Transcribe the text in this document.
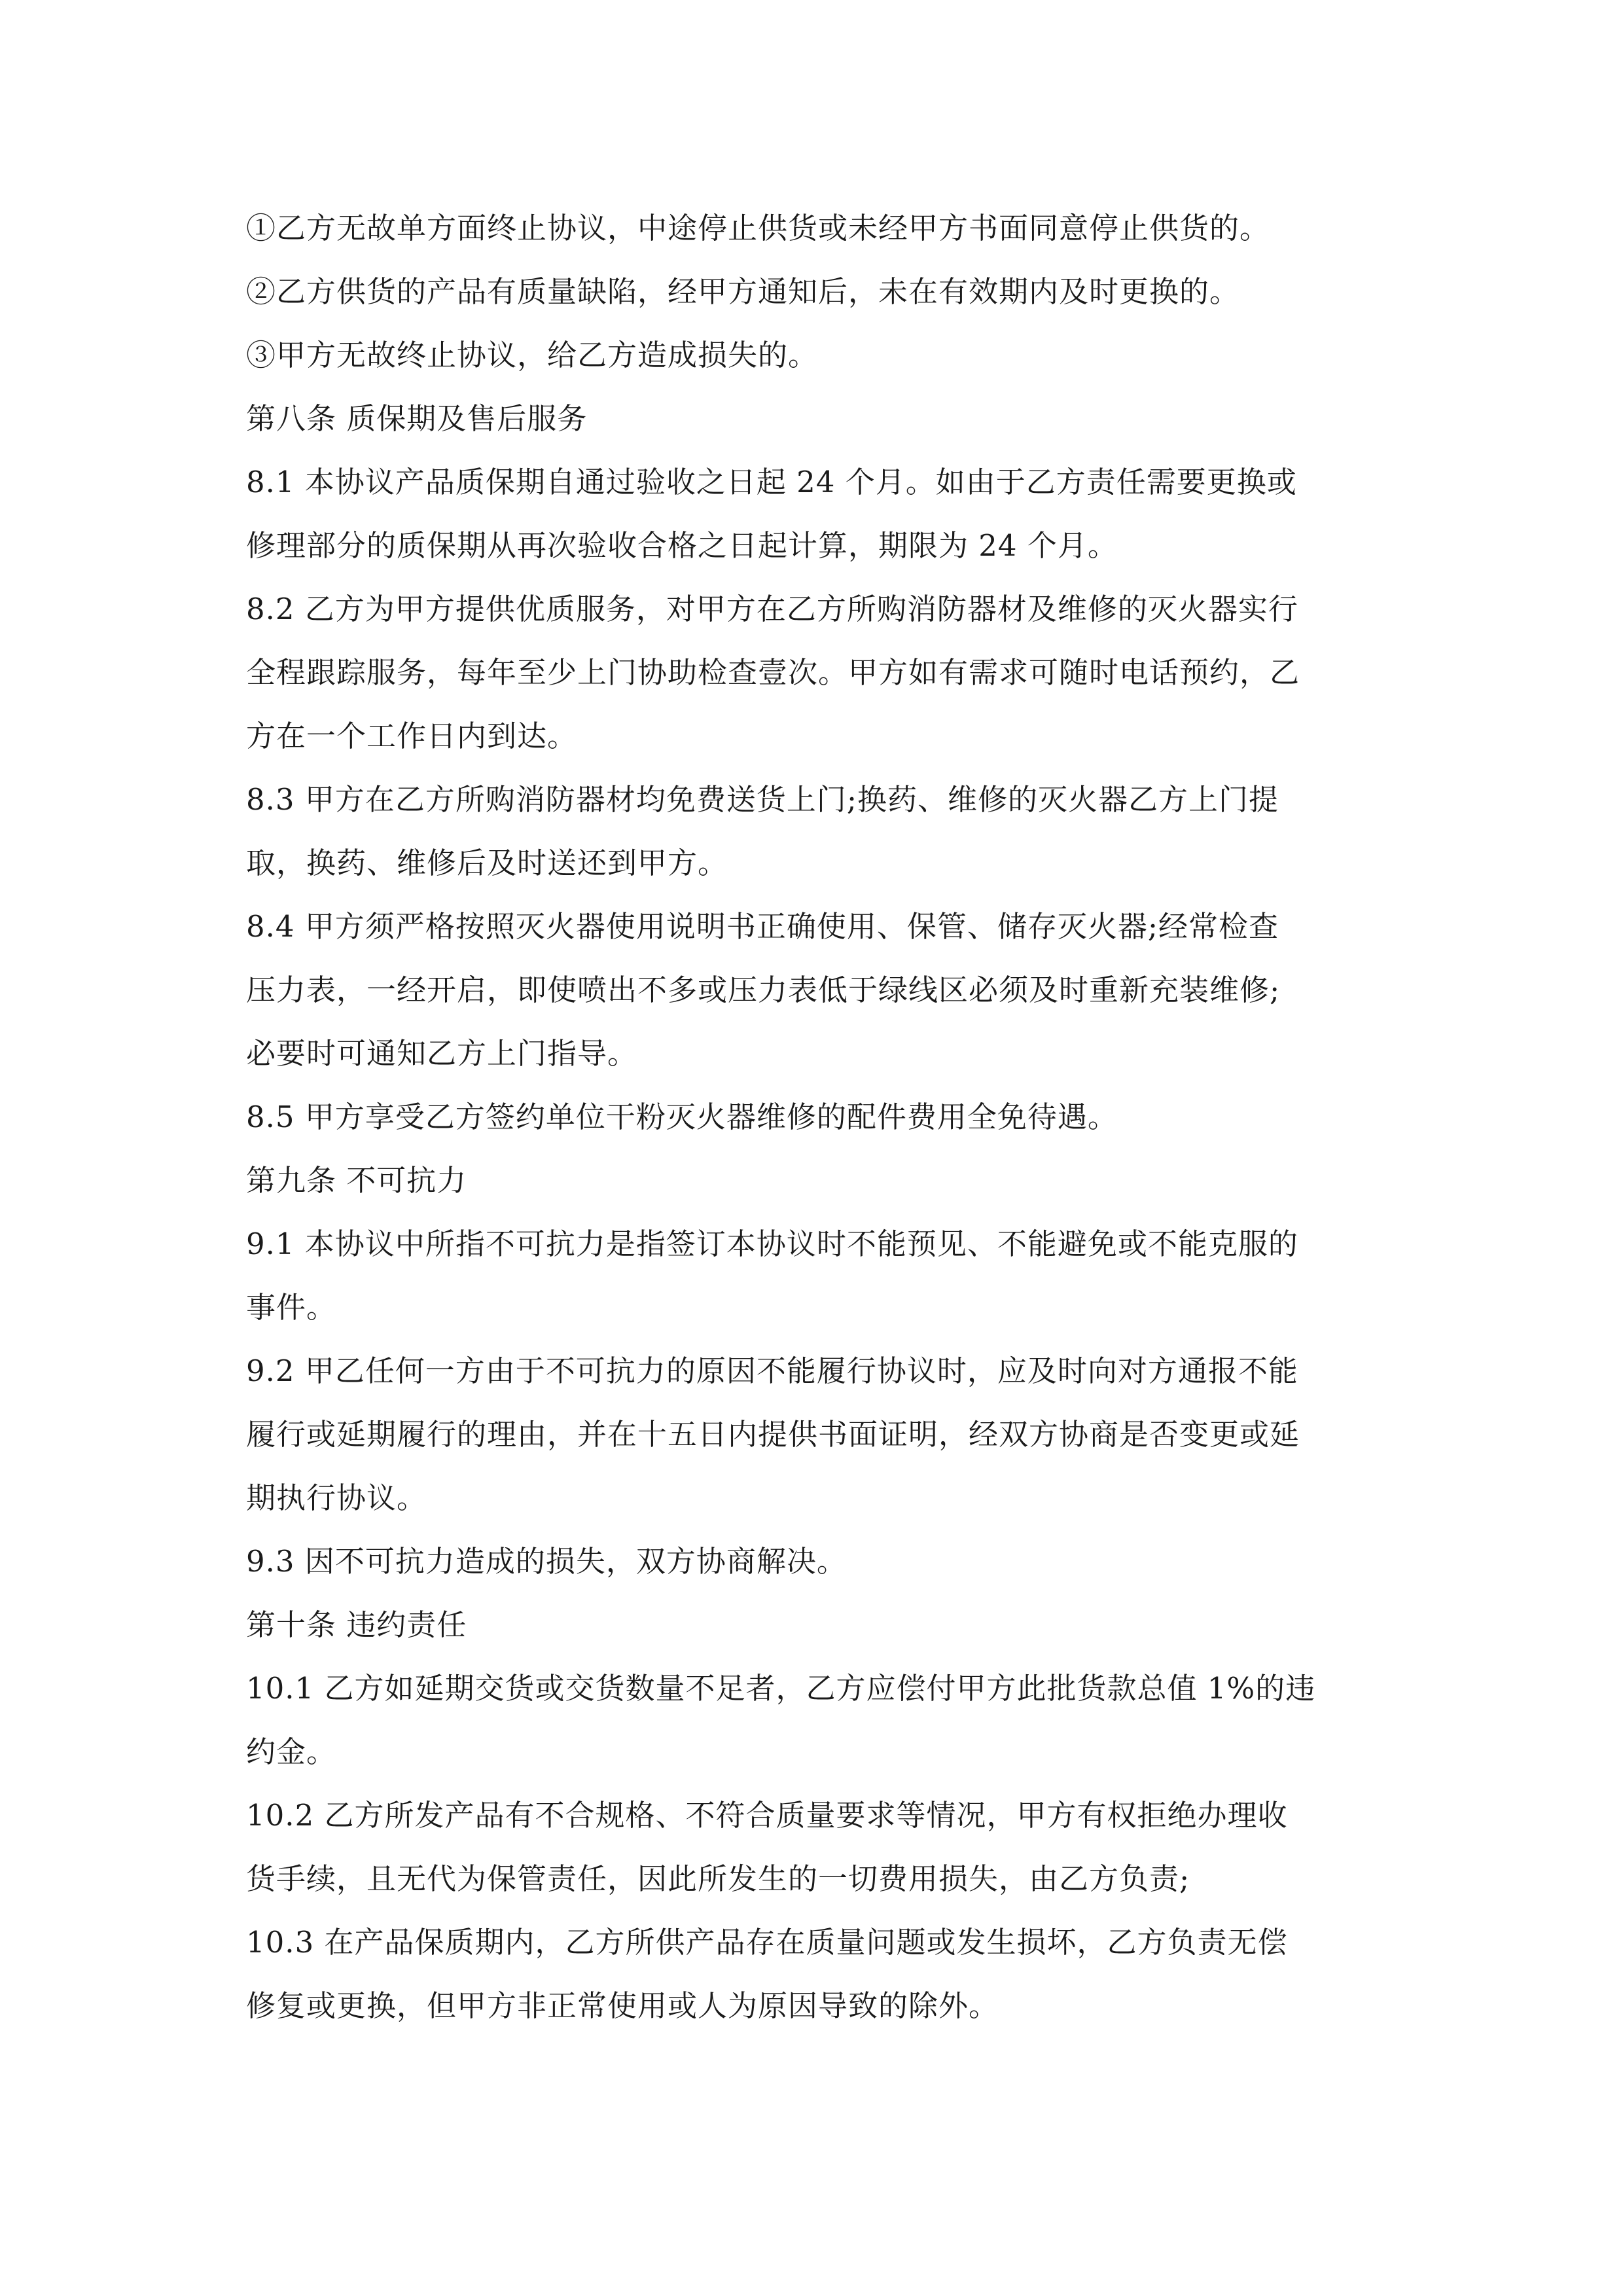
①乙方无故单方面终止协议，中途停止供货或未经甲方书面同意停止供货的。
②乙方供货的产品有质量缺陷，经甲方通知后，未在有效期内及时更换的。
③甲方无故终止协议，给乙方造成损失的。
第八条 质保期及售后服务
8.1 本协议产品质保期自通过验收之日起 24 个月。如由于乙方责任需要更换或
修理部分的质保期从再次验收合格之日起计算，期限为 24 个月。
8.2 乙方为甲方提供优质服务，对甲方在乙方所购消防器材及维修的灭火器实行
全程跟踪服务，每年至少上门协助检查壹次。甲方如有需求可随时电话预约，乙
方在一个工作日内到达。
8.3 甲方在乙方所购消防器材均免费送货上门;换药、维修的灭火器乙方上门提
取，换药、维修后及时送还到甲方。
8.4 甲方须严格按照灭火器使用说明书正确使用、保管、储存灭火器;经常检查
压力表，一经开启，即使喷出不多或压力表低于绿线区必须及时重新充装维修;
必要时可通知乙方上门指导。
8.5 甲方享受乙方签约单位干粉灭火器维修的配件费用全免待遇。
第九条 不可抗力
9.1 本协议中所指不可抗力是指签订本协议时不能预见、不能避免或不能克服的
事件。
9.2 甲乙任何一方由于不可抗力的原因不能履行协议时，应及时向对方通报不能
履行或延期履行的理由，并在十五日内提供书面证明，经双方协商是否变更或延
期执行协议。
9.3 因不可抗力造成的损失，双方协商解决。
第十条 违约责任
10.1 乙方如延期交货或交货数量不足者，乙方应偿付甲方此批货款总值 1%的违
约金。
10.2 乙方所发产品有不合规格、不符合质量要求等情况，甲方有权拒绝办理收
货手续，且无代为保管责任，因此所发生的一切费用损失，由乙方负责;
10.3 在产品保质期内，乙方所供产品存在质量问题或发生损坏，乙方负责无偿
修复或更换，但甲方非正常使用或人为原因导致的除外。
